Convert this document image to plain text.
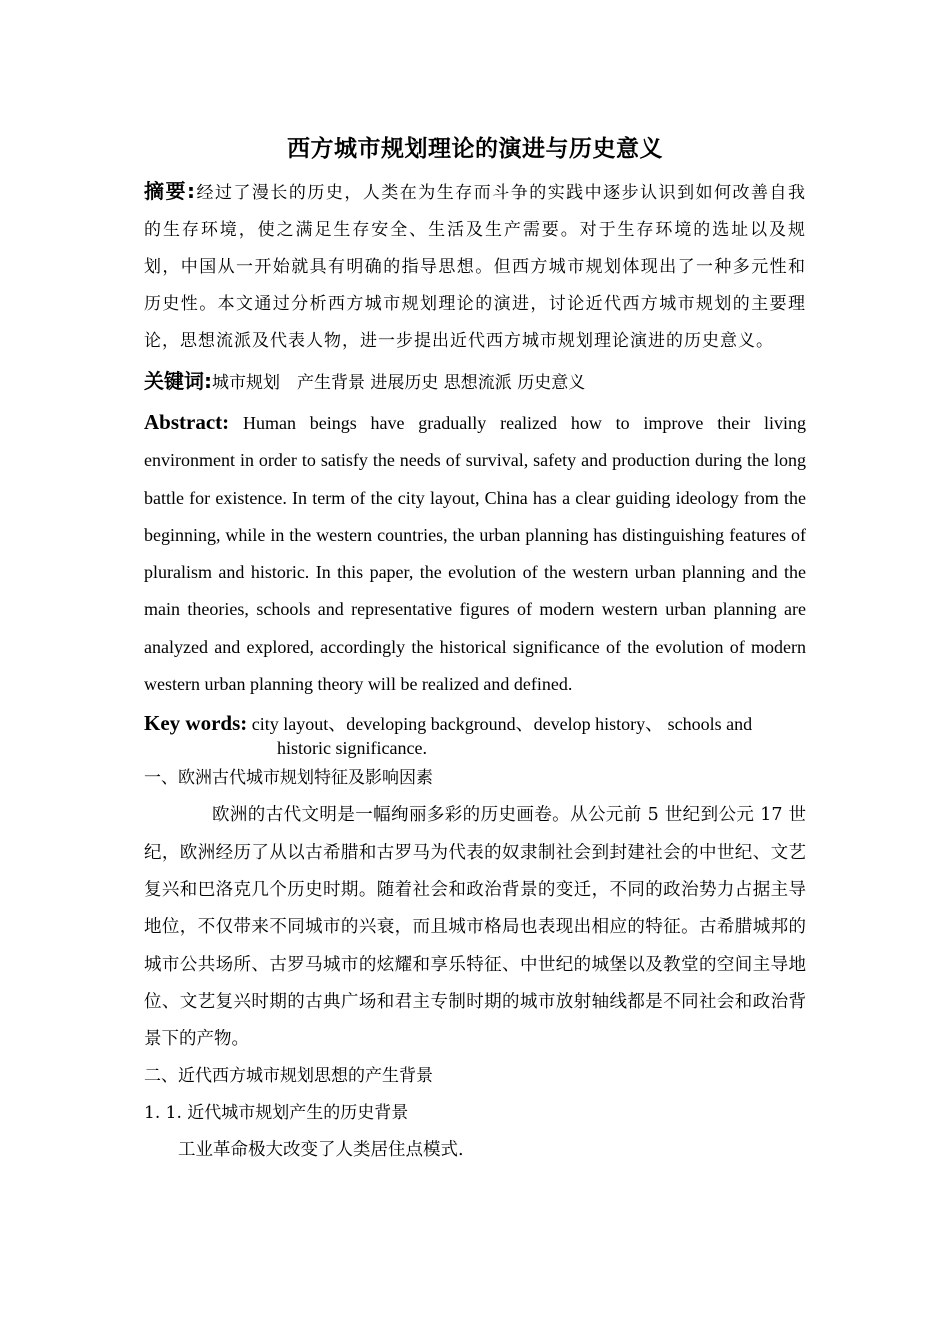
西方城市规划理论的演进与历史意义

摘要:经过了漫长的历史，人类在为生存而斗争的实践中逐步认识到如何改善自我的生存环境，使之满足生存安全、生活及生产需要。对于生存环境的选址以及规划，中国从一开始就具有明确的指导思想。但西方城市规划体现出了一种多元性和历史性。本文通过分析西方城市规划理论的演进，讨论近代西方城市规划的主要理论，思想流派及代表人物，进一步提出近代西方城市规划理论演进的历史意义。

关键词:城市规划　产生背景 进展历史 思想流派 历史意义

Abstract: Human beings have gradually realized how to improve their living environment in order to satisfy the needs of survival, safety and production during the long battle for existence. In term of the city layout, China has a clear guiding ideology from the beginning, while in the western countries, the urban planning has distinguishing features of pluralism and historic. In this paper, the evolution of the western urban planning and the main theories, schools and representative figures of modern western urban planning are analyzed and explored, accordingly the historical significance of the evolution of modern western urban planning theory will be realized and defined.

Key words: city layout、developing background、develop history、 schools and
historic significance.

一、欧洲古代城市规划特征及影响因素

欧洲的古代文明是一幅绚丽多彩的历史画卷。从公元前 5 世纪到公元 17 世纪，欧洲经历了从以古希腊和古罗马为代表的奴隶制社会到封建社会的中世纪、文艺复兴和巴洛克几个历史时期。随着社会和政治背景的变迁，不同的政治势力占据主导地位，不仅带来不同城市的兴衰，而且城市格局也表现出相应的特征。古希腊城邦的城市公共场所、古罗马城市的炫耀和享乐特征、中世纪的城堡以及教堂的空间主导地位、文艺复兴时期的古典广场和君主专制时期的城市放射轴线都是不同社会和政治背景下的产物。

二、近代西方城市规划思想的产生背景

1. 1. 近代城市规划产生的历史背景

工业革命极大改变了人类居住点模式.
